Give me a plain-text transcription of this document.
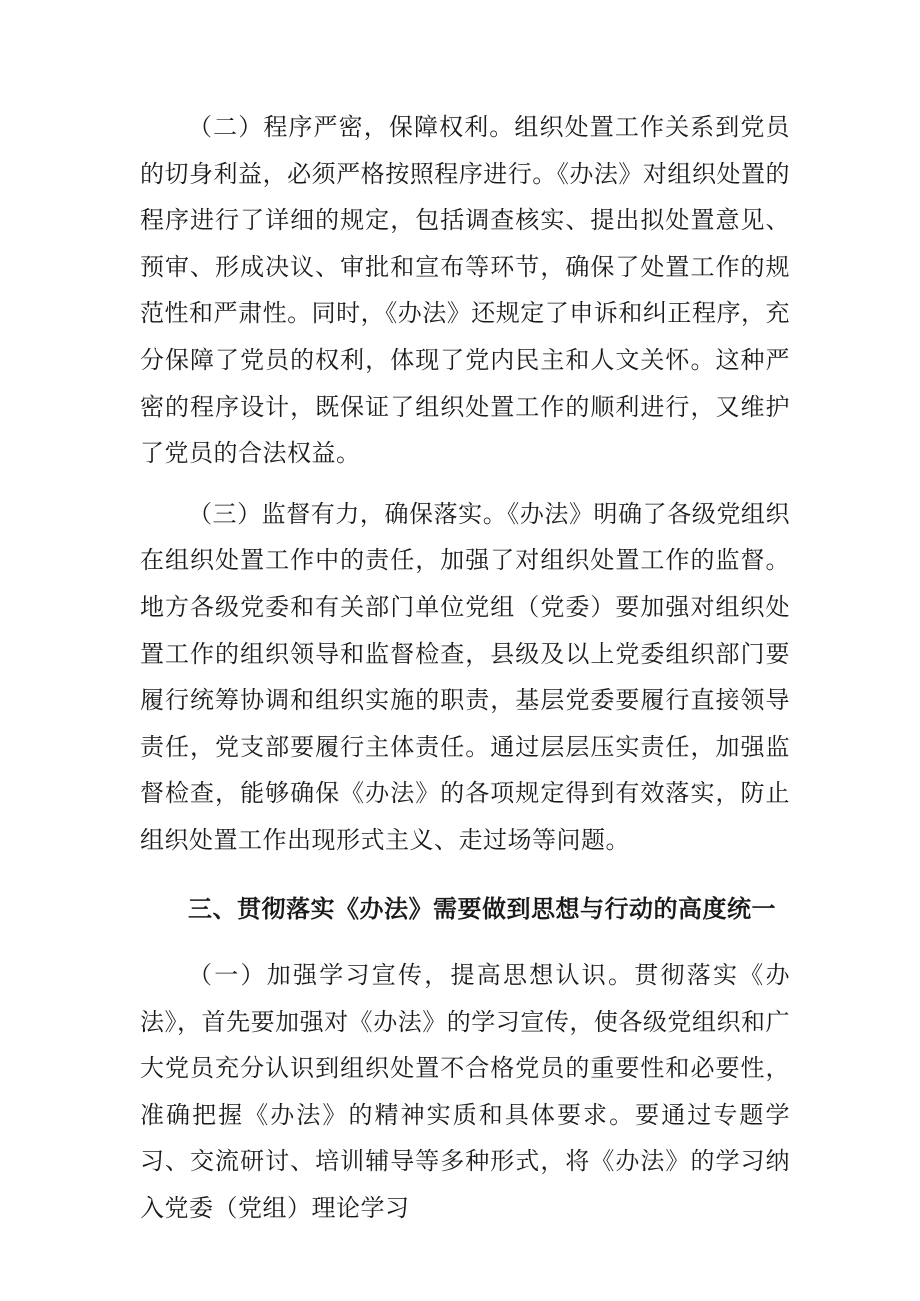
（二）程序严密，保障权利。组织处置工作关系到党员的切身利益，必须严格按照程序进行。《办法》对组织处置的程序进行了详细的规定，包括调查核实、提出拟处置意见、预审、形成决议、审批和宣布等环节，确保了处置工作的规范性和严肃性。同时，《办法》还规定了申诉和纠正程序，充分保障了党员的权利，体现了党内民主和人文关怀。这种严密的程序设计，既保证了组织处置工作的顺利进行，又维护了党员的合法权益。

（三）监督有力，确保落实。《办法》明确了各级党组织在组织处置工作中的责任，加强了对组织处置工作的监督。地方各级党委和有关部门单位党组（党委）要加强对组织处置工作的组织领导和监督检查，县级及以上党委组织部门要履行统筹协调和组织实施的职责，基层党委要履行直接领导责任，党支部要履行主体责任。通过层层压实责任，加强监督检查，能够确保《办法》的各项规定得到有效落实，防止组织处置工作出现形式主义、走过场等问题。

三、贯彻落实《办法》需要做到思想与行动的高度统一

（一）加强学习宣传，提高思想认识。贯彻落实《办法》，首先要加强对《办法》的学习宣传，使各级党组织和广大党员充分认识到组织处置不合格党员的重要性和必要性，准确把握《办法》的精神实质和具体要求。要通过专题学习、交流研讨、培训辅导等多种形式，将《办法》的学习纳入党委（党组）理论学习
